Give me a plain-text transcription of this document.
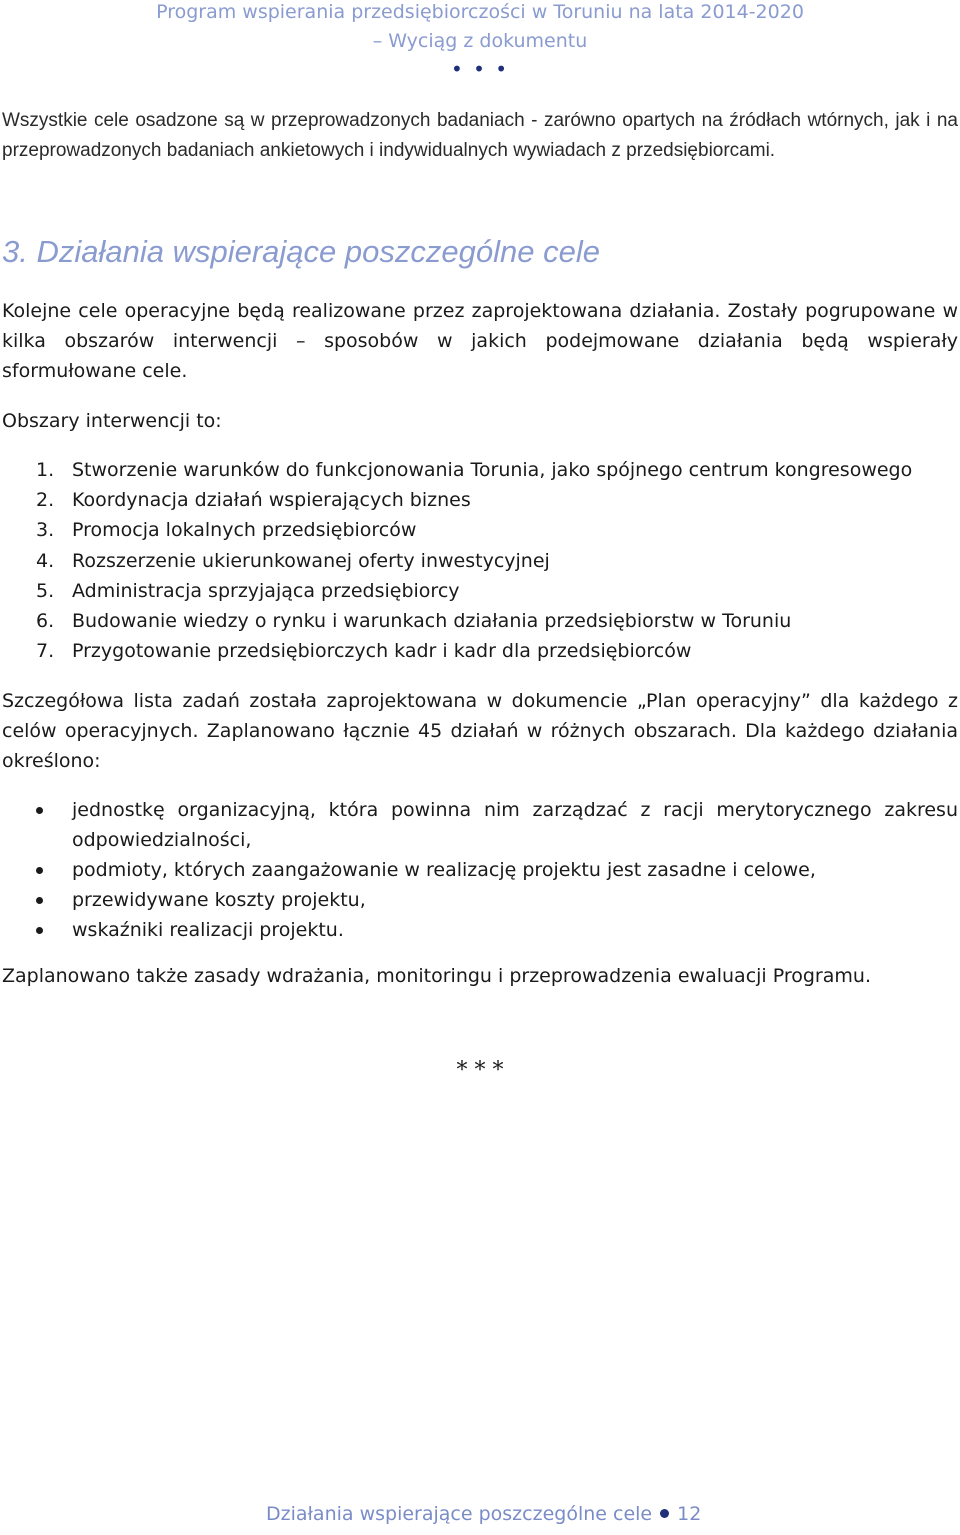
Program wspierania przedsiębiorczości w Toruniu na lata 2014-2020
– Wyciąg z dokumentu
• • •
Wszystkie cele osadzone są w przeprowadzonych badaniach - zarówno opartych na źródłach wtórnych, jak i na przeprowadzonych badaniach ankietowych i indywidualnych wywiadach z przedsiębiorcami.
3. Działania wspierające poszczególne cele
Kolejne cele operacyjne będą realizowane przez zaprojektowana działania. Zostały pogrupowane w kilka obszarów interwencji – sposobów w jakich podejmowane działania będą wspierały sformułowane cele.
Obszary interwencji to:
1. Stworzenie warunków do funkcjonowania Torunia, jako spójnego centrum kongresowego
2. Koordynacja działań wspierających biznes
3. Promocja lokalnych przedsiębiorców
4. Rozszerzenie ukierunkowanej oferty inwestycyjnej
5. Administracja sprzyjająca przedsiębiorcy
6. Budowanie wiedzy o rynku i warunkach działania przedsiębiorstw w Toruniu
7. Przygotowanie przedsiębiorczych kadr i kadr dla przedsiębiorców
Szczegółowa lista zadań została zaprojektowana w dokumencie „Plan operacyjny” dla każdego z celów operacyjnych. Zaplanowano łącznie 45 działań w różnych obszarach. Dla każdego działania określono:
jednostkę organizacyjną, która powinna nim zarządzać z racji merytorycznego zakresu odpowiedzialności,
podmioty, których zaangażowanie w realizację projektu jest zasadne i celowe,
przewidywane koszty projektu,
wskaźniki realizacji projektu.
Zaplanowano także zasady wdrażania, monitoringu i przeprowadzenia ewaluacji Programu.
* * *
Działania wspierające poszczególne cele 12
